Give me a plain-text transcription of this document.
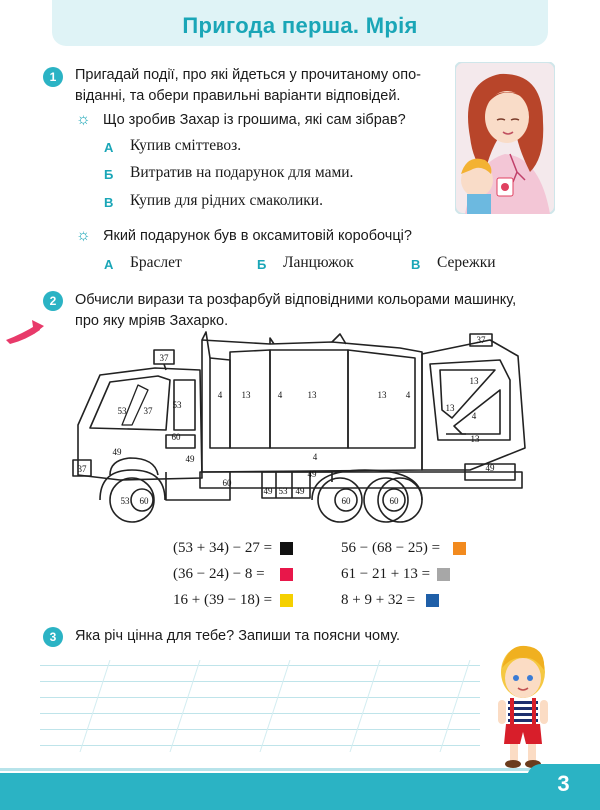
Пригода перша. Мрія
1	Пригадай події, про які йдеться у прочитаному опо-
віданні, та обери правильні варіанти відповідей.
☼ Що зробив Захар із грошима, які сам зібрав?
А Купив сміттевоз.
Б Витратив на подарунок для мами.
В Купив для рідних смаколики.
☼ Який подарунок був в оксамитовій коробочці?
А Браслет	Б Ланцюжок	В Сережки
2	Обчисли вирази та розфарбуй відповідними кольорами машинку,
про яку мріяв Захарко.
37
37
37
37
53
53
53
53
60
60
60	60	60
49
49
49	49
49
49
13	13	13
13
13
13
4	4	4
4
4
(53 + 34) − 27 =
(36 − 24) − 8 =
16 + (39 − 18) =
56 − (68 − 25) =
61 − 21 + 13 =
8 + 9 + 32 =
3	Яка річ цінна для тебе? Запиши та поясни чому.
3
